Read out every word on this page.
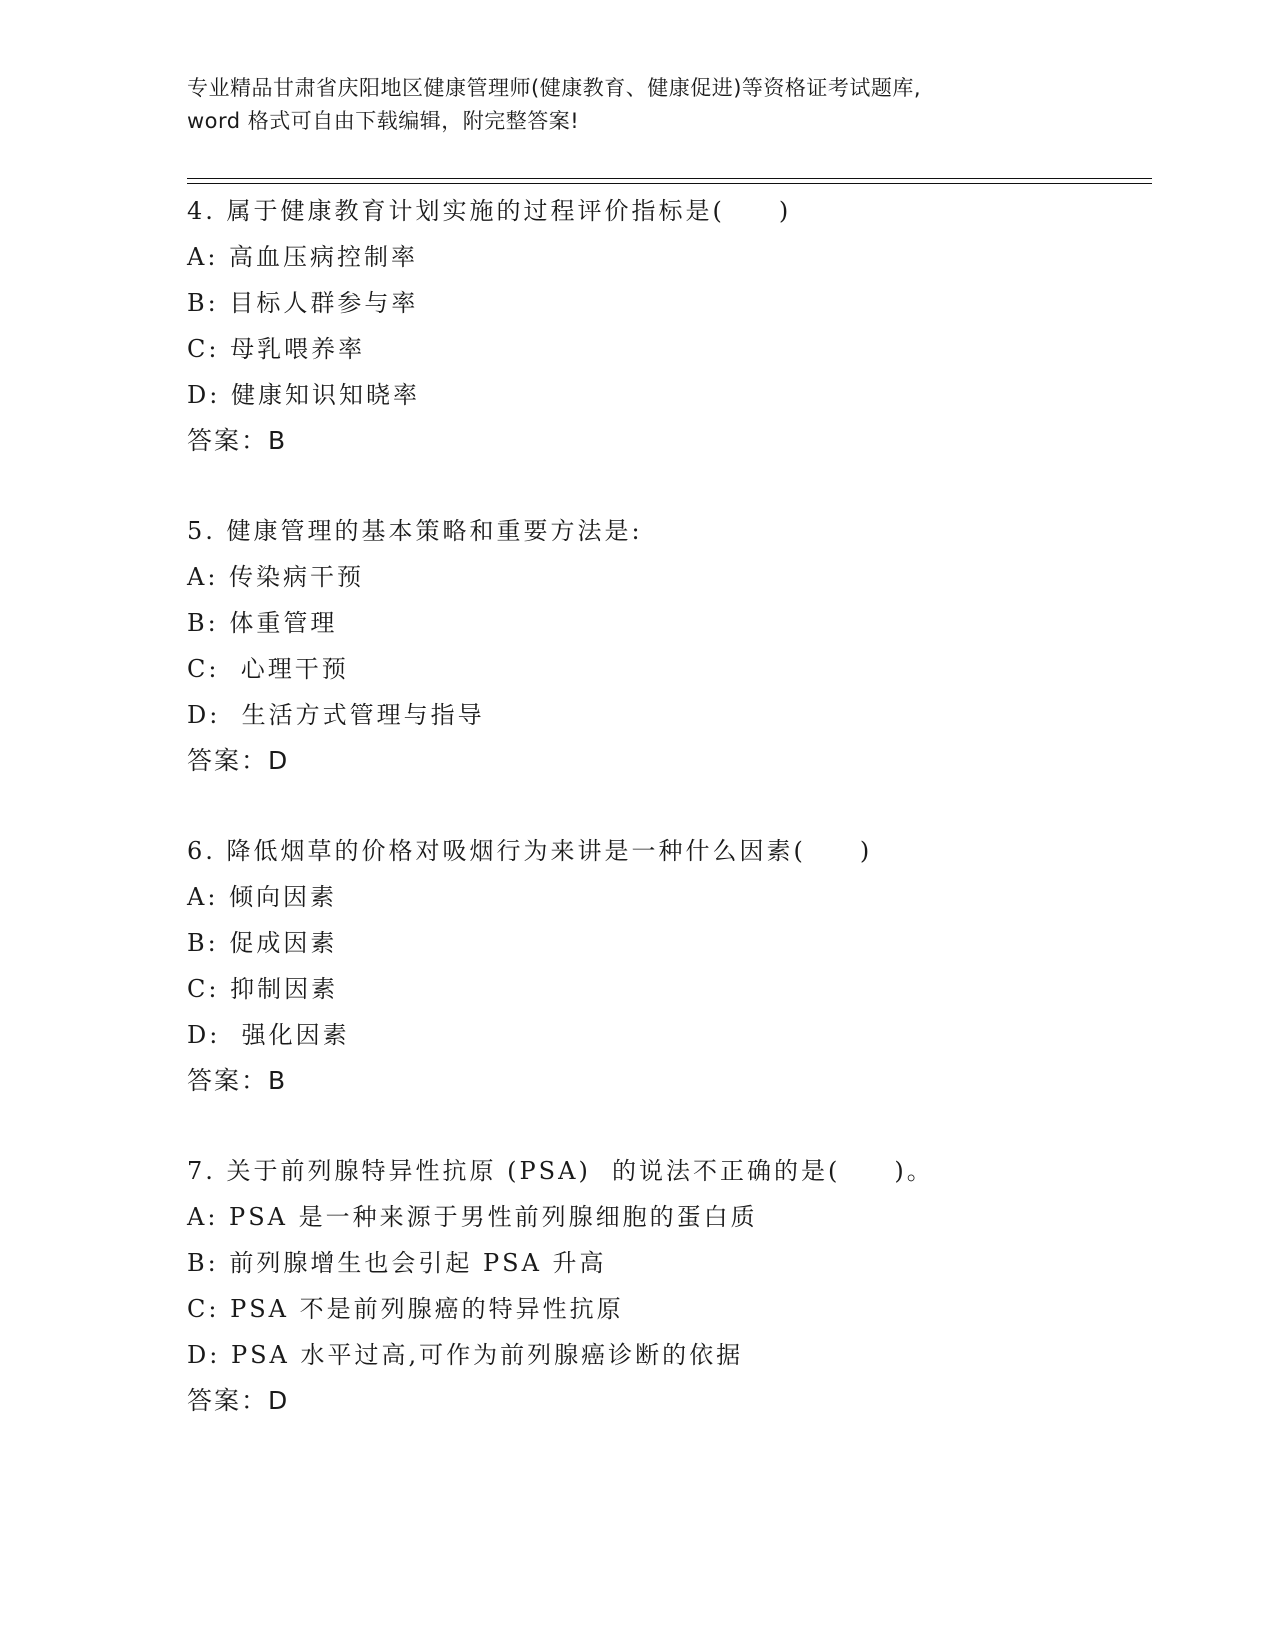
专业精品甘肃省庆阳地区健康管理师(健康教育、健康促进)等资格证考试题库,
word 格式可自由下载编辑，附完整答案!
4. 属于健康教育计划实施的过程评价指标是(　　)
A: 高血压病控制率
B: 目标人群参与率
C: 母乳喂养率
D: 健康知识知晓率
答案：B
5. 健康管理的基本策略和重要方法是:
A: 传染病干预
B: 体重管理
C:  心理干预
D:  生活方式管理与指导
答案：D
6. 降低烟草的价格对吸烟行为来讲是一种什么因素(　　)
A: 倾向因素
B: 促成因素
C: 抑制因素
D:  强化因素
答案：B
7. 关于前列腺特异性抗原 (PSA)  的说法不正确的是(　　)。
A: PSA 是一种来源于男性前列腺细胞的蛋白质
B: 前列腺增生也会引起 PSA 升高
C: PSA 不是前列腺癌的特异性抗原
D: PSA 水平过高,可作为前列腺癌诊断的依据
答案：D
